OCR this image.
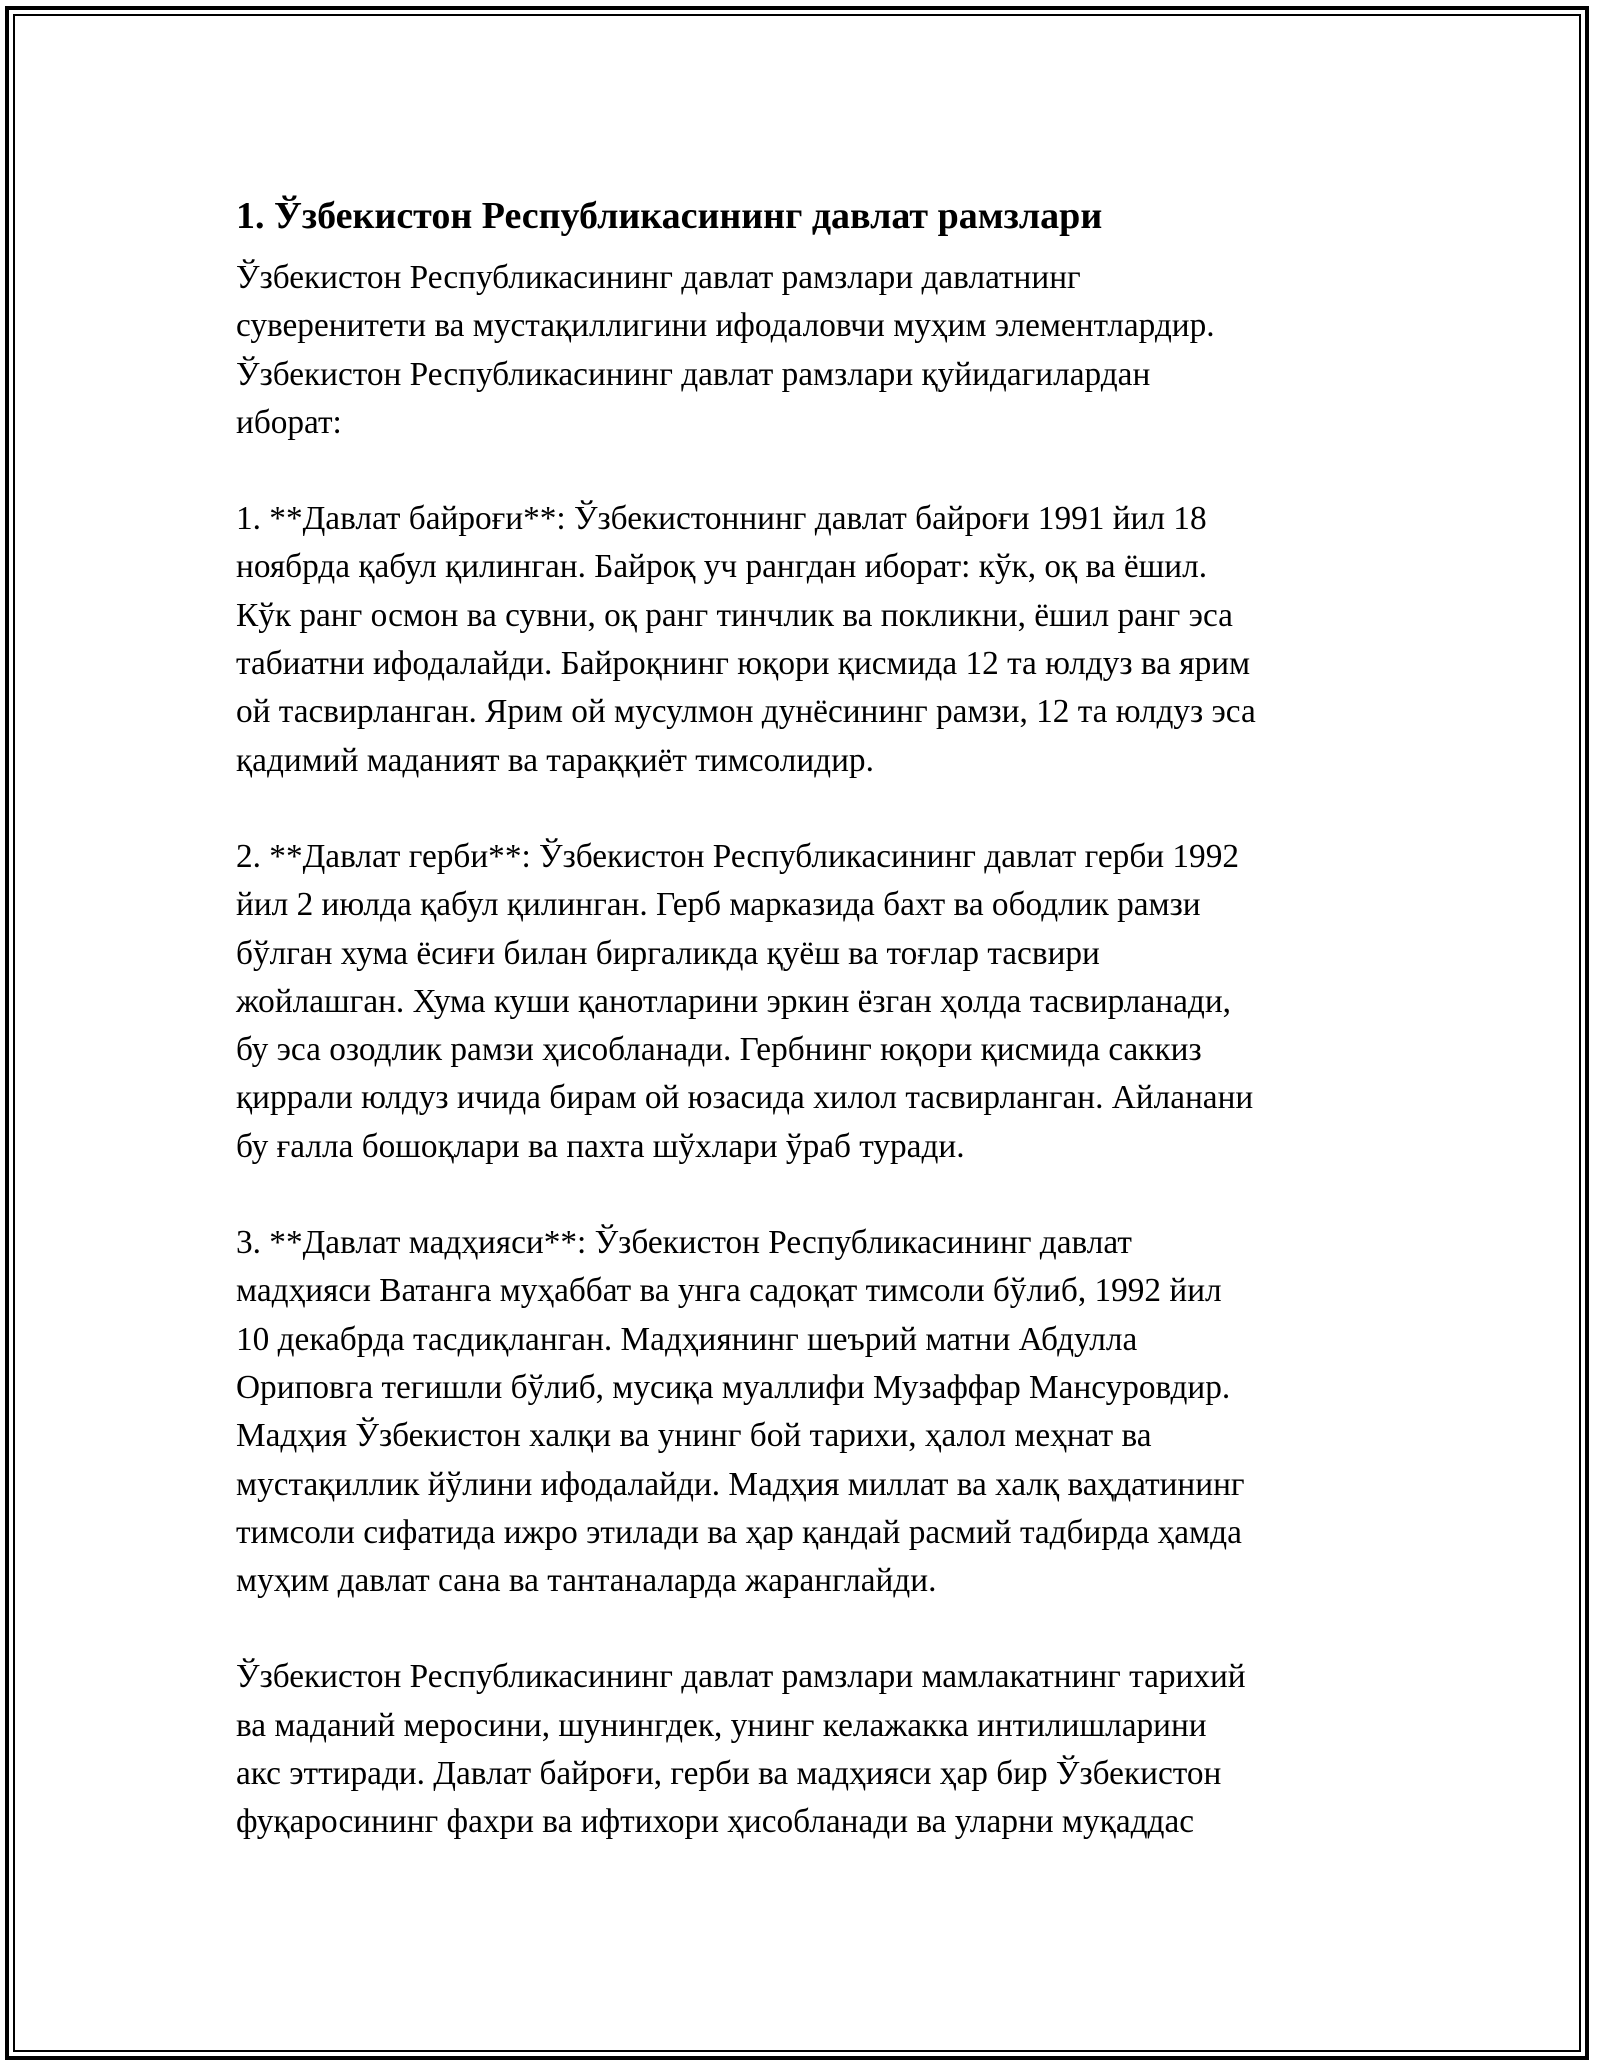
1. Ўзбекистон Республикасининг давлат рамзлари

Ўзбекистон Республикасининг давлат рамзлари давлатнинг
суверенитети ва мустақиллигини ифодаловчи муҳим элементлардир.
Ўзбекистон Республикасининг давлат рамзлари қуйидагилардан
иборат:

1. **Давлат байроғи**: Ўзбекистоннинг давлат байроғи 1991 йил 18
ноябрда қабул қилинган. Байроқ уч рангдан иборат: кўк, оқ ва ёшил.
Кўк ранг осмон ва сувни, оқ ранг тинчлик ва покликни, ёшил ранг эса
табиатни ифодалайди. Байроқнинг юқори қисмида 12 та юлдуз ва ярим
ой тасвирланган. Ярим ой мусулмон дунёсининг рамзи, 12 та юлдуз эса
қадимий маданият ва тараққиёт тимсолидир.

2. **Давлат герби**: Ўзбекистон Республикасининг давлат герби 1992
йил 2 июлда қабул қилинган. Герб марказида бахт ва ободлик рамзи
бўлган хума ёсиғи билан биргаликда қуёш ва тоғлар тасвири
жойлашган. Хума куши қанотларини эркин ёзган ҳолда тасвирланади,
бу эса озодлик рамзи ҳисобланади. Гербнинг юқори қисмида саккиз
қиррали юлдуз ичида бирам ой юзасида хилол тасвирланган. Айланани
бу ғалла бошоқлари ва пахта шўхлари ўраб туради.

3. **Давлат мадҳияси**: Ўзбекистон Республикасининг давлат
мадҳияси Ватанга муҳаббат ва унга садоқат тимсоли бўлиб, 1992 йил
10 декабрда тасдиқланган. Мадҳиянинг шеърий матни Абдулла
Ориповга тегишли бўлиб, мусиқа муаллифи Музаффар Мансуровдир.
Мадҳия Ўзбекистон халқи ва унинг бой тарихи, ҳалол меҳнат ва
мустақиллик йўлини ифодалайди. Мадҳия миллат ва халқ ваҳдатининг
тимсоли сифатида ижро этилади ва ҳар қандай расмий тадбирда ҳамда
муҳим давлат сана ва тантаналарда жаранглайди.

Ўзбекистон Республикасининг давлат рамзлари мамлакатнинг тарихий
ва маданий меросини, шунингдек, унинг келажакка интилишларини
акс эттиради. Давлат байроғи, герби ва мадҳияси ҳар бир Ўзбекистон
фуқаросининг фахри ва ифтихори ҳисобланади ва уларни муқаддас
